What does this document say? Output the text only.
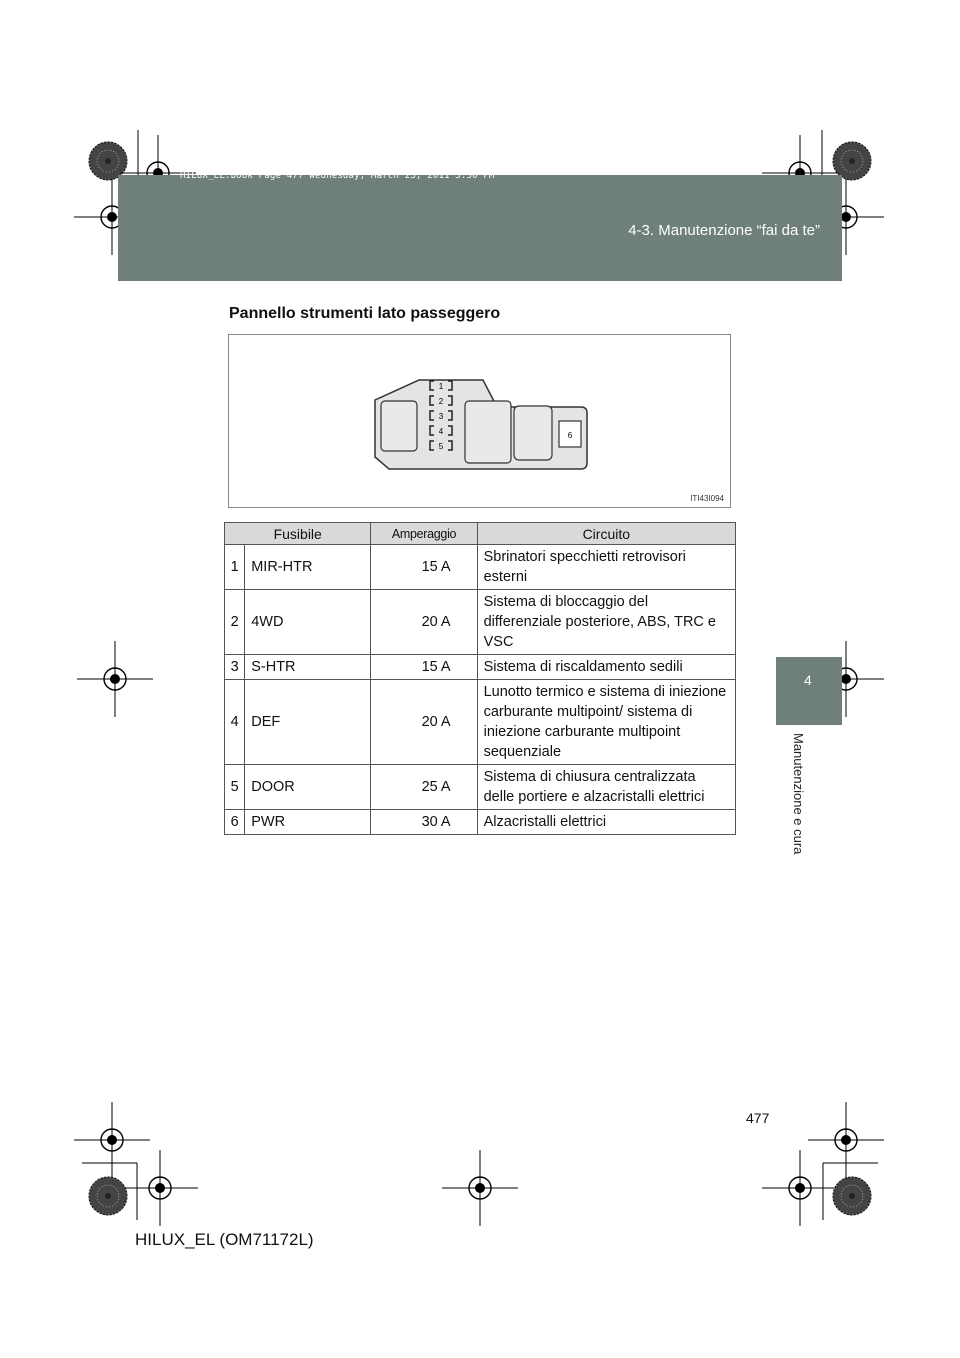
HILUX_EL.book Page 477 Wednesday, March 23, 2011 3:30 PM
4-3. Manutenzione “fai da te”
4
Manutenzione e cura
Pannello strumenti lato passeggero
6
1
2
3
4
5
ITI43I094
Fusibile		Amperaggio	Circuito
1	MIR-HTR	15 A	Sbrinatori specchietti retrovisori esterni
2	4WD	20 A	Sistema di bloccaggio del differenziale posteriore, ABS, TRC e VSC
3	S-HTR	15 A	Sistema di riscaldamento sedili
4	DEF	20 A	Lunotto termico e sistema di iniezione carburante multipoint/ sistema di iniezione carburante multipoint sequenziale
5	DOOR	25 A	Sistema di chiusura centralizzata delle portiere e alzacristalli elettrici
6	PWR	30 A	Alzacristalli elettrici
477
HILUX_EL (OM71172L)
